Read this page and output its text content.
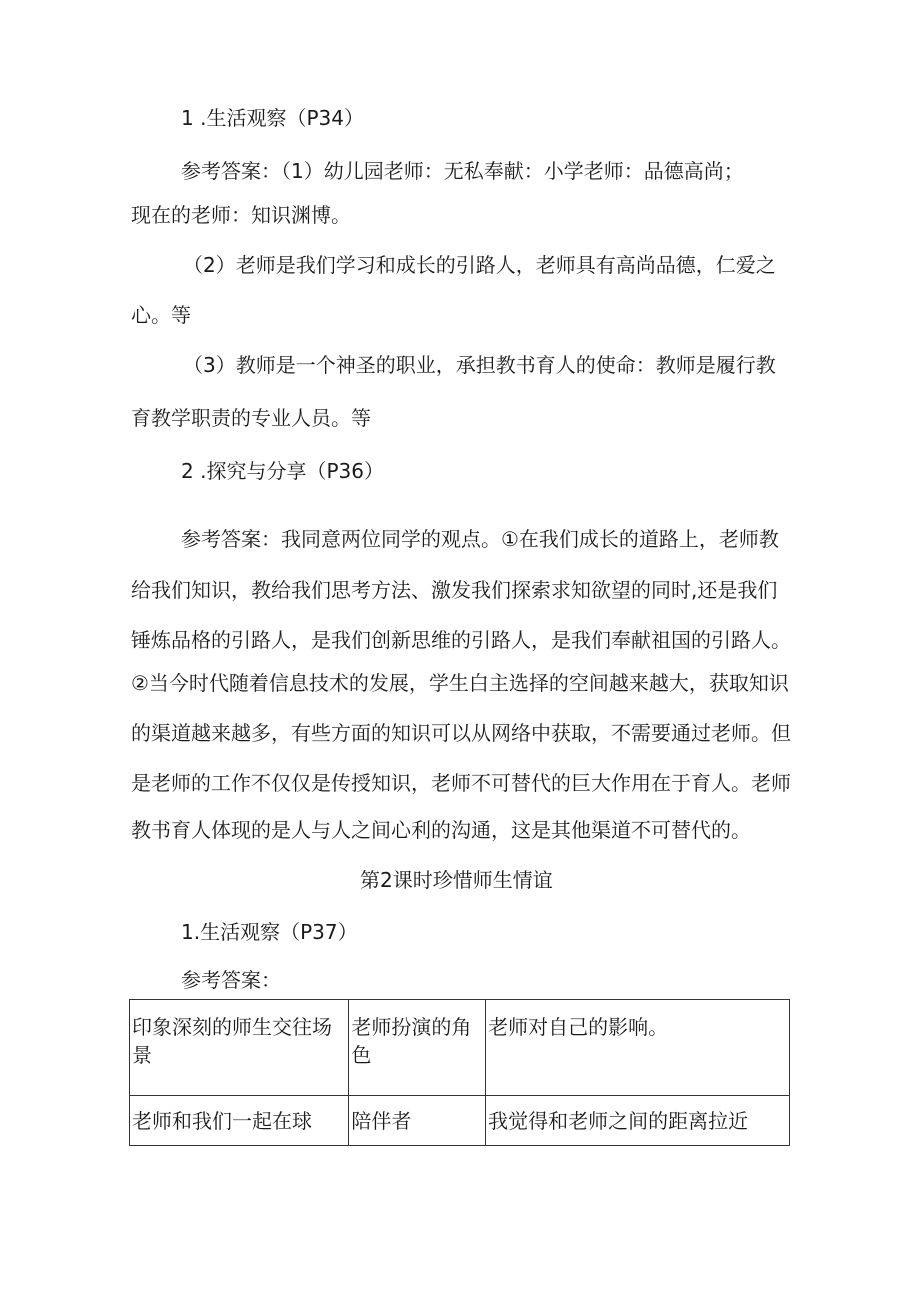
1 .生活观察（P34）
参考答案：（1）幼儿园老师：无私奉献：小学老师：品德高尚；
现在的老师：知识渊博。
（2）老师是我们学习和成长的引路人，老师具有高尚品德，仁爱之
心。等
（3）教师是一个神圣的职业，承担教书育人的使命：教师是履行教
育教学职责的专业人员。等
2 .探究与分享（P36）
参考答案：我同意两位同学的观点。①在我们成长的道路上，老师教
给我们知识，教给我们思考方法、激发我们探索求知欲望的同时,还是我们
锤炼品格的引路人，是我们创新思维的引路人，是我们奉献祖国的引路人。
②当今时代随着信息技术的发展，学生白主选择的空间越来越大，获取知识
的渠道越来越多，有些方面的知识可以从网络中获取，不需要通过老师。但
是老师的工作不仅仅是传授知识，老师不可替代的巨大作用在于育人。老师
教书育人体现的是人与人之间心利的沟通，这是其他渠道不可替代的。
第2课时珍惜师生情谊
1.生活观察（P37）
参考答案：
印象深刻的师生交往场景	老师扮演的角色	老师对自己的影响。

老师和我们一起在球	陪伴者	我觉得和老师之间的距离拉近
